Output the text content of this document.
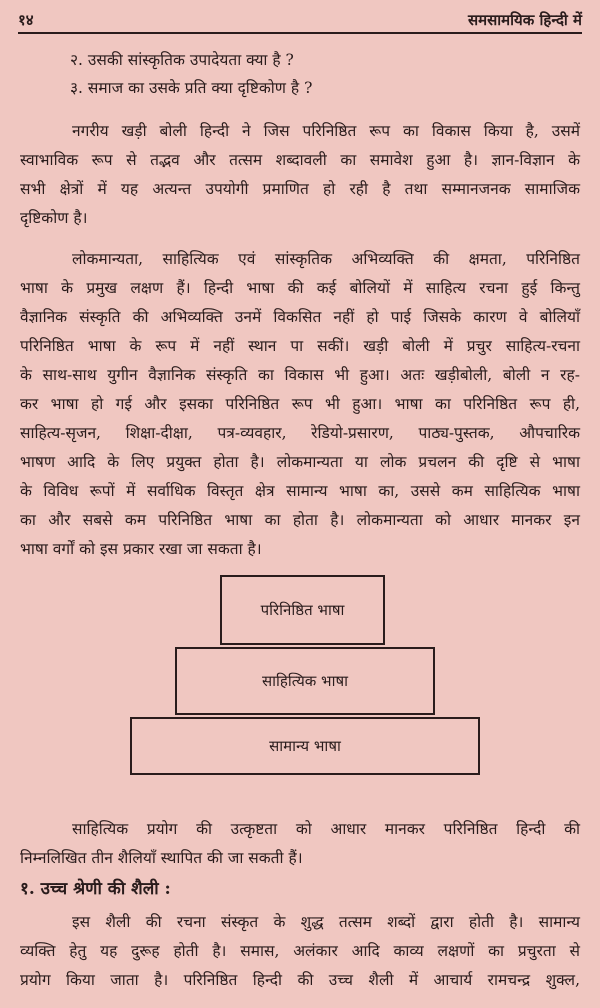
१४	समसामयिक हिन्दी में
२. उसकी सांस्कृतिक उपादेयता क्या है ?
३. समाज का उसके प्रति क्या दृष्टिकोण है ?
नगरीय खड़ी बोली हिन्दी ने जिस परिनिष्ठित रूप का विकास किया है, उसमें
स्वाभाविक रूप से तद्भव और तत्सम शब्दावली का समावेश हुआ है। ज्ञान-विज्ञान के
सभी क्षेत्रों में यह अत्यन्त उपयोगी प्रमाणित हो रही है तथा सम्मानजनक सामाजिक
दृष्टिकोण है।
लोकमान्यता, साहित्यिक एवं सांस्कृतिक अभिव्यक्ति की क्षमता, परिनिष्ठित
भाषा के प्रमुख लक्षण हैं। हिन्दी भाषा की कई बोलियों में साहित्य रचना हुई किन्तु
वैज्ञानिक संस्कृति की अभिव्यक्ति उनमें विकसित नहीं हो पाई जिसके कारण वे बोलियाँ
परिनिष्ठित भाषा के रूप में नहीं स्थान पा सकीं। खड़ी बोली में प्रचुर साहित्य-रचना
के साथ-साथ युगीन वैज्ञानिक संस्कृति का विकास भी हुआ। अतः खड़ीबोली, बोली न रह-
कर भाषा हो गई और इसका परिनिष्ठित रूप भी हुआ। भाषा का परिनिष्ठित रूप ही,
साहित्य-सृजन, शिक्षा-दीक्षा, पत्र-व्यवहार, रेडियो-प्रसारण, पाठ्य-पुस्तक, औपचारिक
भाषण आदि के लिए प्रयुक्त होता है। लोकमान्यता या लोक प्रचलन की दृष्टि से भाषा
के विविध रूपों में सर्वाधिक विस्तृत क्षेत्र सामान्य भाषा का, उससे कम साहित्यिक भाषा
का और सबसे कम परिनिष्ठित भाषा का होता है। लोकमान्यता को आधार मानकर इन
भाषा वर्गों को इस प्रकार रखा जा सकता है।
परिनिष्ठित भाषा
साहित्यिक भाषा
सामान्य भाषा
साहित्यिक प्रयोग की उत्कृष्टता को आधार मानकर परिनिष्ठित हिन्दी की
निम्नलिखित तीन शैलियाँ स्थापित की जा सकती हैं।
१. उच्च श्रेणी की शैली :
इस शैली की रचना संस्कृत के शुद्ध तत्सम शब्दों द्वारा होती है। सामान्य
व्यक्ति हेतु यह दुरूह होती है। समास, अलंकार आदि काव्य लक्षणों का प्रचुरता से
प्रयोग किया जाता है। परिनिष्ठित हिन्दी की उच्च शैली में आचार्य रामचन्द्र शुक्ल,
